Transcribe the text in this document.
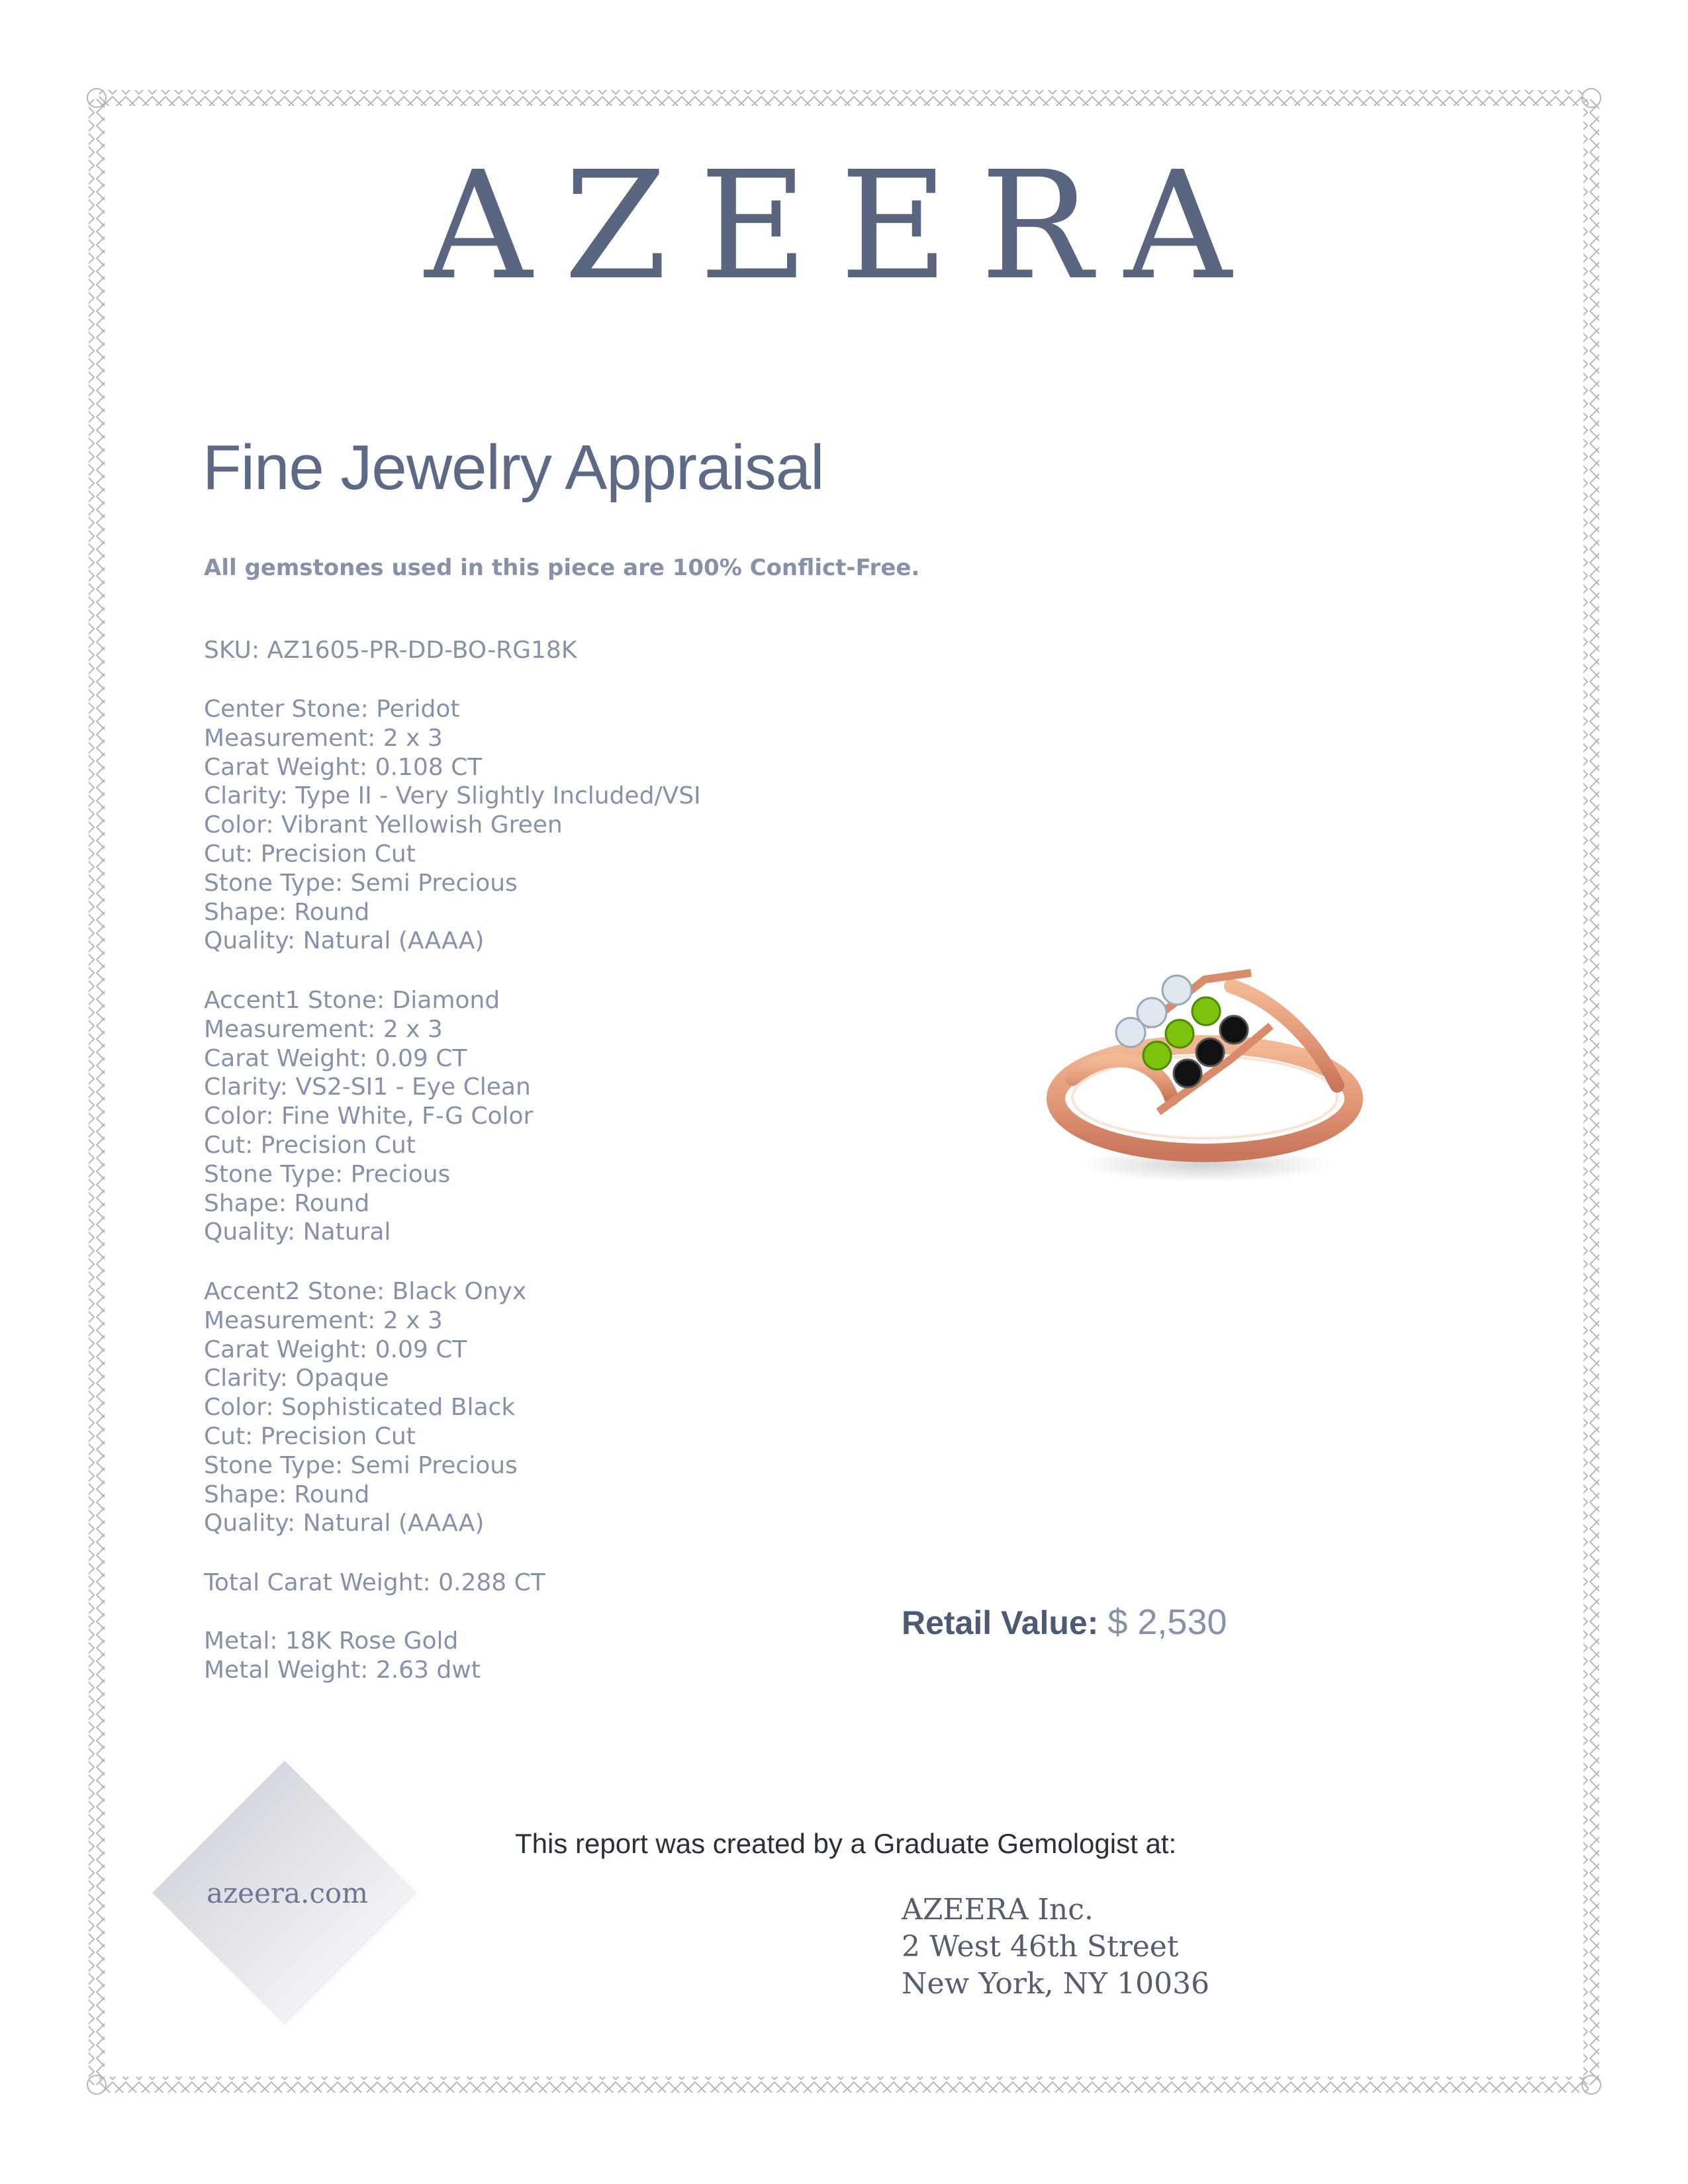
AZEERA
Fine Jewelry Appraisal
All gemstones used in this piece are 100% Conflict-Free.
SKU: AZ1605-PR-DD-BO-RG18K
Center Stone: Peridot
Measurement: 2 x 3
Carat Weight: 0.108 CT
Clarity: Type II - Very Slightly Included/VSI
Color: Vibrant Yellowish Green
Cut: Precision Cut
Stone Type: Semi Precious
Shape: Round
Quality: Natural (AAAA)
Accent1 Stone: Diamond
Measurement: 2 x 3
Carat Weight: 0.09 CT
Clarity: VS2-SI1 - Eye Clean
Color: Fine White, F-G Color
Cut: Precision Cut
Stone Type: Precious
Shape: Round
Quality: Natural
Accent2 Stone: Black Onyx
Measurement: 2 x 3
Carat Weight: 0.09 CT
Clarity: Opaque
Color: Sophisticated Black
Cut: Precision Cut
Stone Type: Semi Precious
Shape: Round
Quality: Natural (AAAA)
Total Carat Weight: 0.288 CT
Metal: 18K Rose Gold
Metal Weight: 2.63 dwt
Retail Value: $ 2,530
azeera.com
This report was created by a Graduate Gemologist at:
AZEERA Inc.
2 West 46th Street
New York, NY 10036
